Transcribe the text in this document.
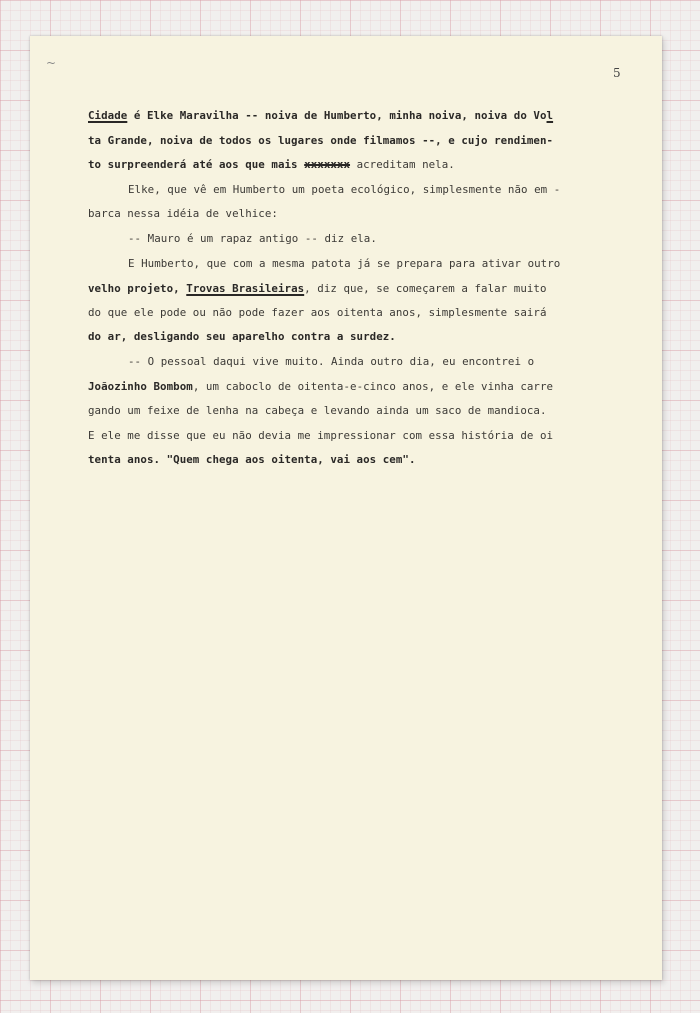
~
5

Cidade é Elke Maravilha -- noiva de Humberto, minha noiva, noiva do Vol

ta Grande, noiva de todos os lugares onde filmamos --, e cujo rendimen-

to surpreenderá até aos que mais xxxxxxx acreditam nela.

Elke, que vê em Humberto um poeta ecológico, simplesmente não em -

barca nessa idéia de velhice:

-- Mauro é um rapaz antigo -- diz ela.

E Humberto, que com a mesma patota já se prepara para ativar outro

velho projeto, Trovas Brasileiras, diz que, se começarem a falar muito

do que ele pode ou não pode fazer aos oitenta anos, simplesmente sairá

do ar, desligando seu aparelho contra a surdez.

-- O pessoal daqui vive muito. Ainda outro dia, eu encontrei o

Joãozinho Bombom, um caboclo de oitenta-e-cinco anos, e ele vinha carre

gando um feixe de lenha na cabeça e levando ainda um saco de mandioca.

E ele me disse que eu não devia me impressionar com essa história de oi

tenta anos. "Quem chega aos oitenta, vai aos cem".
